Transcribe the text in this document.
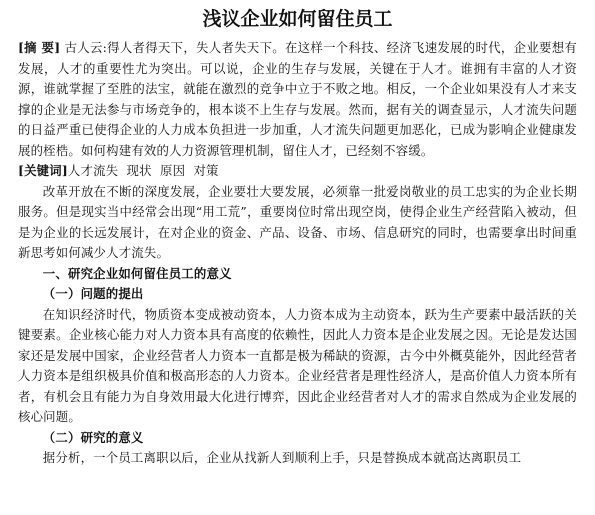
浅议企业如何留住员工

[摘 要] 古人云:得人者得天下，失人者失天下。在这样一个科技、经济飞速发展的时代，企业要想有发展，人才的重要性尤为突出。可以说，企业的生存与发展，关键在于人才。谁拥有丰富的人才资源，谁就掌握了至胜的法宝，就能在激烈的竞争中立于不败之地。相反，一个企业如果没有人才来支撑的企业是无法参与市场竞争的，根本谈不上生存与发展。然而，据有关的调查显示，人才流失问题的日益严重已使得企业的人力成本负担进一步加重，人才流失问题更加恶化，已成为影响企业健康发展的桎梏。如何构建有效的人力资源管理机制，留住人才，已经刻不容缓。

[关键词]人才流失  现状  原因  对策

改革开放在不断的深度发展，企业要壮大要发展，必须靠一批爱岗敬业的员工忠实的为企业长期服务。但是现实当中经常会出现“用工荒”，重要岗位时常出现空岗，使得企业生产经营陷入被动，但是为企业的长远发展计，在对企业的资金、产品、设备、市场、信息研究的同时，也需要拿出时间重新思考如何减少人才流失。

一、研究企业如何留住员工的意义

（一）问题的提出

在知识经济时代，物质资本变成被动资本，人力资本成为主动资本，跃为生产要素中最活跃的关键要素。企业核心能力对人力资本具有高度的依赖性，因此人力资本是企业发展之因。无论是发达国家还是发展中国家，企业经营者人力资本一直都是极为稀缺的资源，古今中外概莫能外，因此经营者人力资本是组织极具价值和极高形态的人力资本。企业经营者是理性经济人，是高价值人力资本所有者，有机会且有能力为自身效用最大化进行博弈，因此企业经营者对人才的需求自然成为企业发展的核心问题。

（二）研究的意义

据分析，一个员工离职以后，企业从找新人到顺利上手，只是替换成本就高达离职员工
